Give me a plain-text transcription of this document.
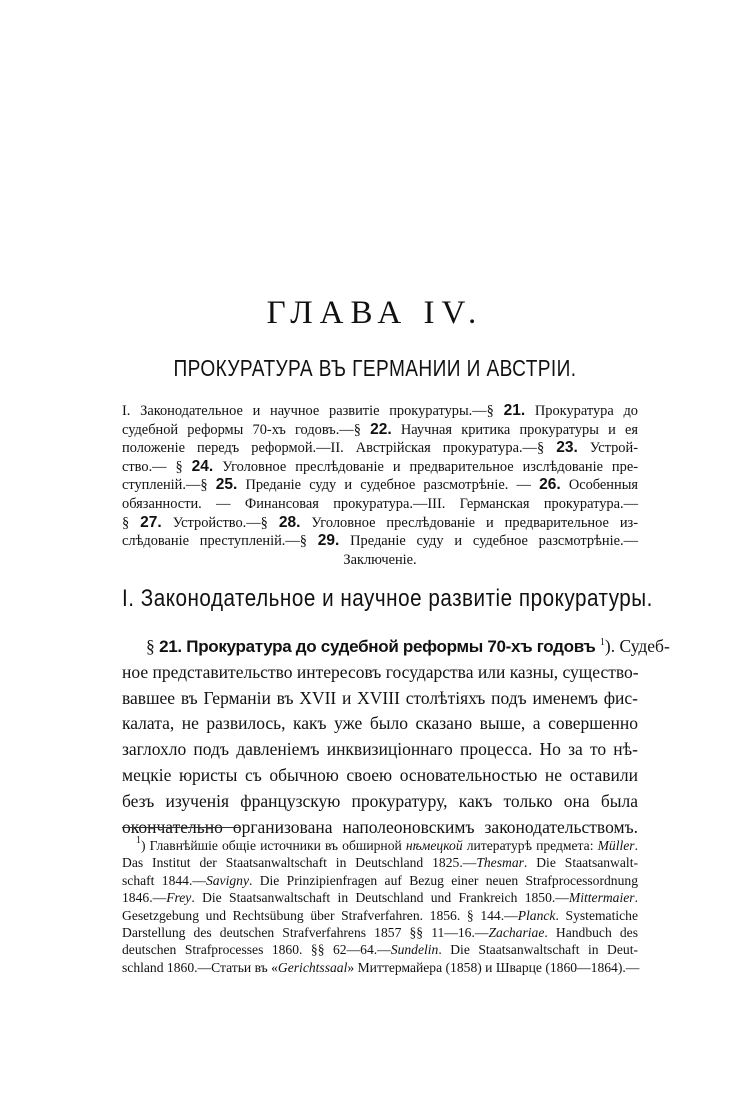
ГЛАВА IV.
ПРОКУРАТУРА ВЪ ГЕРМАНИИ И АВСТРІИ.
I. Законодательное и научное развитіе прокуратуры.—§ 21. Прокуратура до
судебной реформы 70-хъ годовъ.—§ 22. Научная критика прокуратуры и ея
положеніе передъ реформой.—II. Австрійская прокуратура.—§ 23. Устрой-
ство.— § 24. Уголовное преслѣдованіе и предварительное изслѣдованіе пре-
ступленій.—§ 25. Преданіе суду и судебное разсмотрѣніе. — 26. Особенныя
обязанности. — Финансовая прокуратура.—III. Германская прокуратура.—
§ 27. Устройство.—§ 28. Уголовное преслѣдованіе и предварительное из-
слѣдованіе преступленій.—§ 29. Преданіе суду и судебное разсмотрѣніе.—
Заключеніе.
I. Законодательное и научное развитіе прокуратуры.
§ 21. Прокуратура до судебной реформы 70-хъ годовъ $^1$). Судеб-
ное представительство интересовъ государства или казны, существо-
вавшее въ Германіи въ XVII и XVIII столѣтіяхъ подъ именемъ фис-
калата, не развилось, какъ уже было сказано выше, а совершенно
заглохло подъ давленіемъ инквизиціоннаго процесса. Но за то нѣ-
мецкіе юристы съ обычною своею основательностью не оставили
безъ изученія французскую прокуратуру, какъ только она была
окончательно организована наполеоновскимъ законодательствомъ.
$^1$) Главнѣйшіе общіе источники въ обширной нѣмецкой литературѣ предмета: Müller.
Das Institut der Staatsanwaltschaft in Deutschland 1825.—Thesmar. Die Staatsanwalt-
schaft 1844.—Savigny. Die Prinzipienfragen auf Bezug einer neuen Strafprocessordnung
1846.—Frey. Die Staatsanwaltschaft in Deutschland und Frankreich 1850.—Mittermaier.
Gesetzgebung und Rechtsübung über Strafverfahren. 1856. § 144.—Planck. Systematiche
Darstellung des deutschen Strafverfahrens 1857 §§ 11—16.—Zachariae. Handbuch des
deutschen Strafprocesses 1860. §§ 62—64.—Sundelin. Die Staatsanwaltschaft in Deut-
schland 1860.—Статьи въ «Gerichtssaal» Миттермайера (1858) и Шварце (1860—1864).—
